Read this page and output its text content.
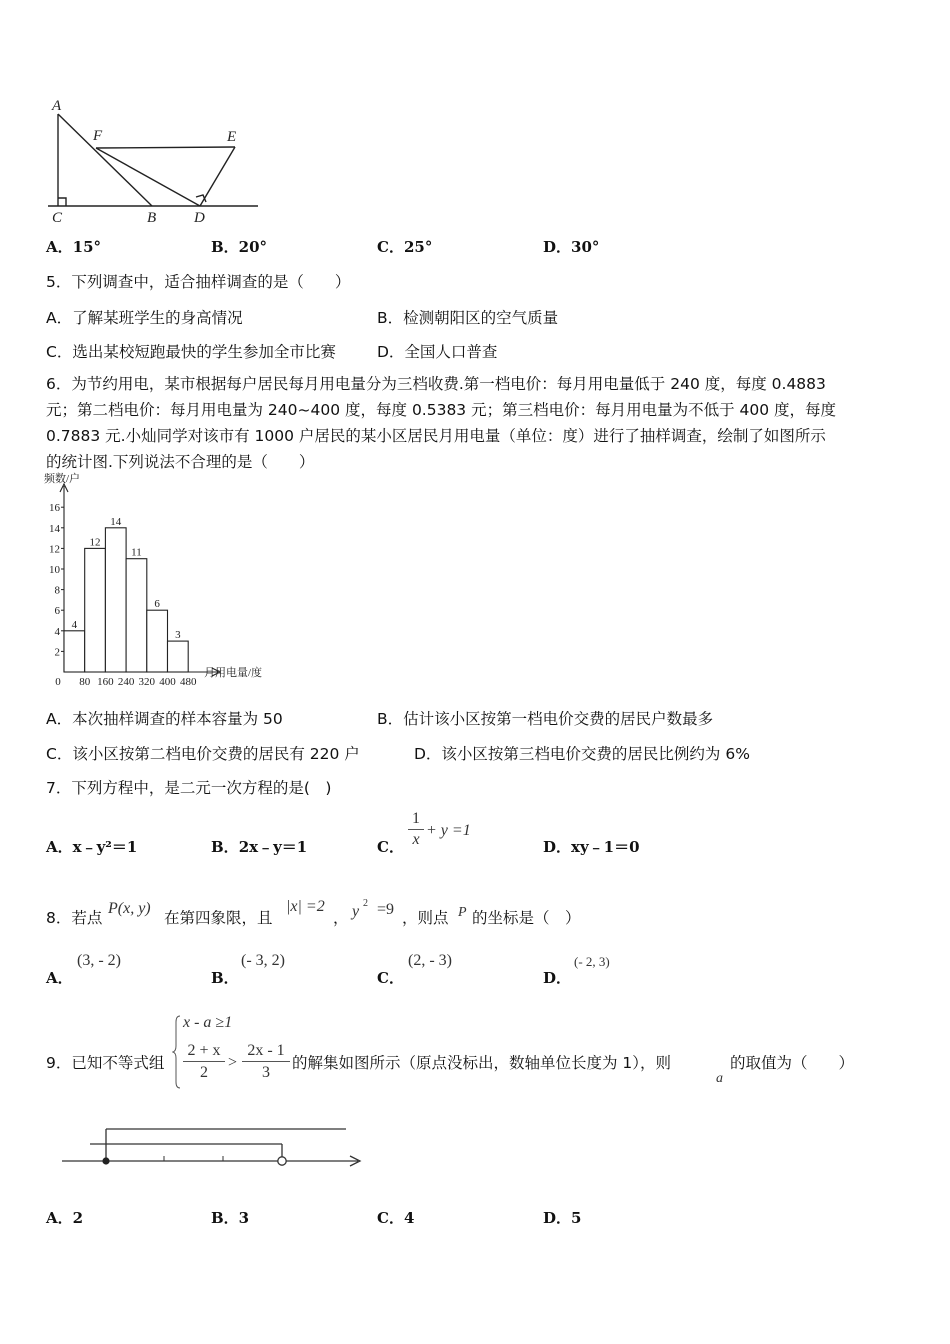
A
F	E
C	B	D
A．15°	B．20°	C．25°	D．30°
5．下列调查中，适合抽样调查的是（　　）
A．了解某班学生的身高情况	B．检测朝阳区的空气质量
C．选出某校短跑最快的学生参加全市比赛	D．全国人口普查
6．为节约用电，某市根据每户居民每月用电量分为三档收费.第一档电价：每月用电量低于 240 度，每度 0.4883
元；第二档电价：每月用电量为 240~400 度，每度 0.5383 元；第三档电价：每月用电量为不低于 400 度，每度
0.7883 元.小灿同学对该市有 1000 户居民的某小区居民月用电量（单位：度）进行了抽样调查，绘制了如图所示
的统计图.下列说法不合理的是（　　）
频数/户
月用电量/度
2
4
6
8
10
12
14
16
4
12
14
11
6
3
0 80 160 240 320 400 480
A．本次抽样调查的样本容量为 50	B．估计该小区按第一档电价交费的居民户数最多
C．该小区按第二档电价交费的居民有 220 户	D．该小区按第三档电价交费的居民比例约为 6%
7．下列方程中，是二元一次方程的是(　)
A．x﹣y²＝1	B．2x﹣y＝1	C．
1
x
+ y =1
D．xy﹣1＝0
8．若点
P(x, y)
在第四象限，且
|x| =2
， y 2 =9 ，则点 P 的坐标是（　）
A．
(3, - 2)
B．
(- 3, 2)
C．
(2, - 3)
D．
(- 2, 3)
9．已知不等式组
x - a ≥1
2 + x
2
>
2x - 1
3
的解集如图所示（原点没标出，数轴单位长度为 1），则
a
的取值为（　　）
A．2	B．3	C．4	D．5
